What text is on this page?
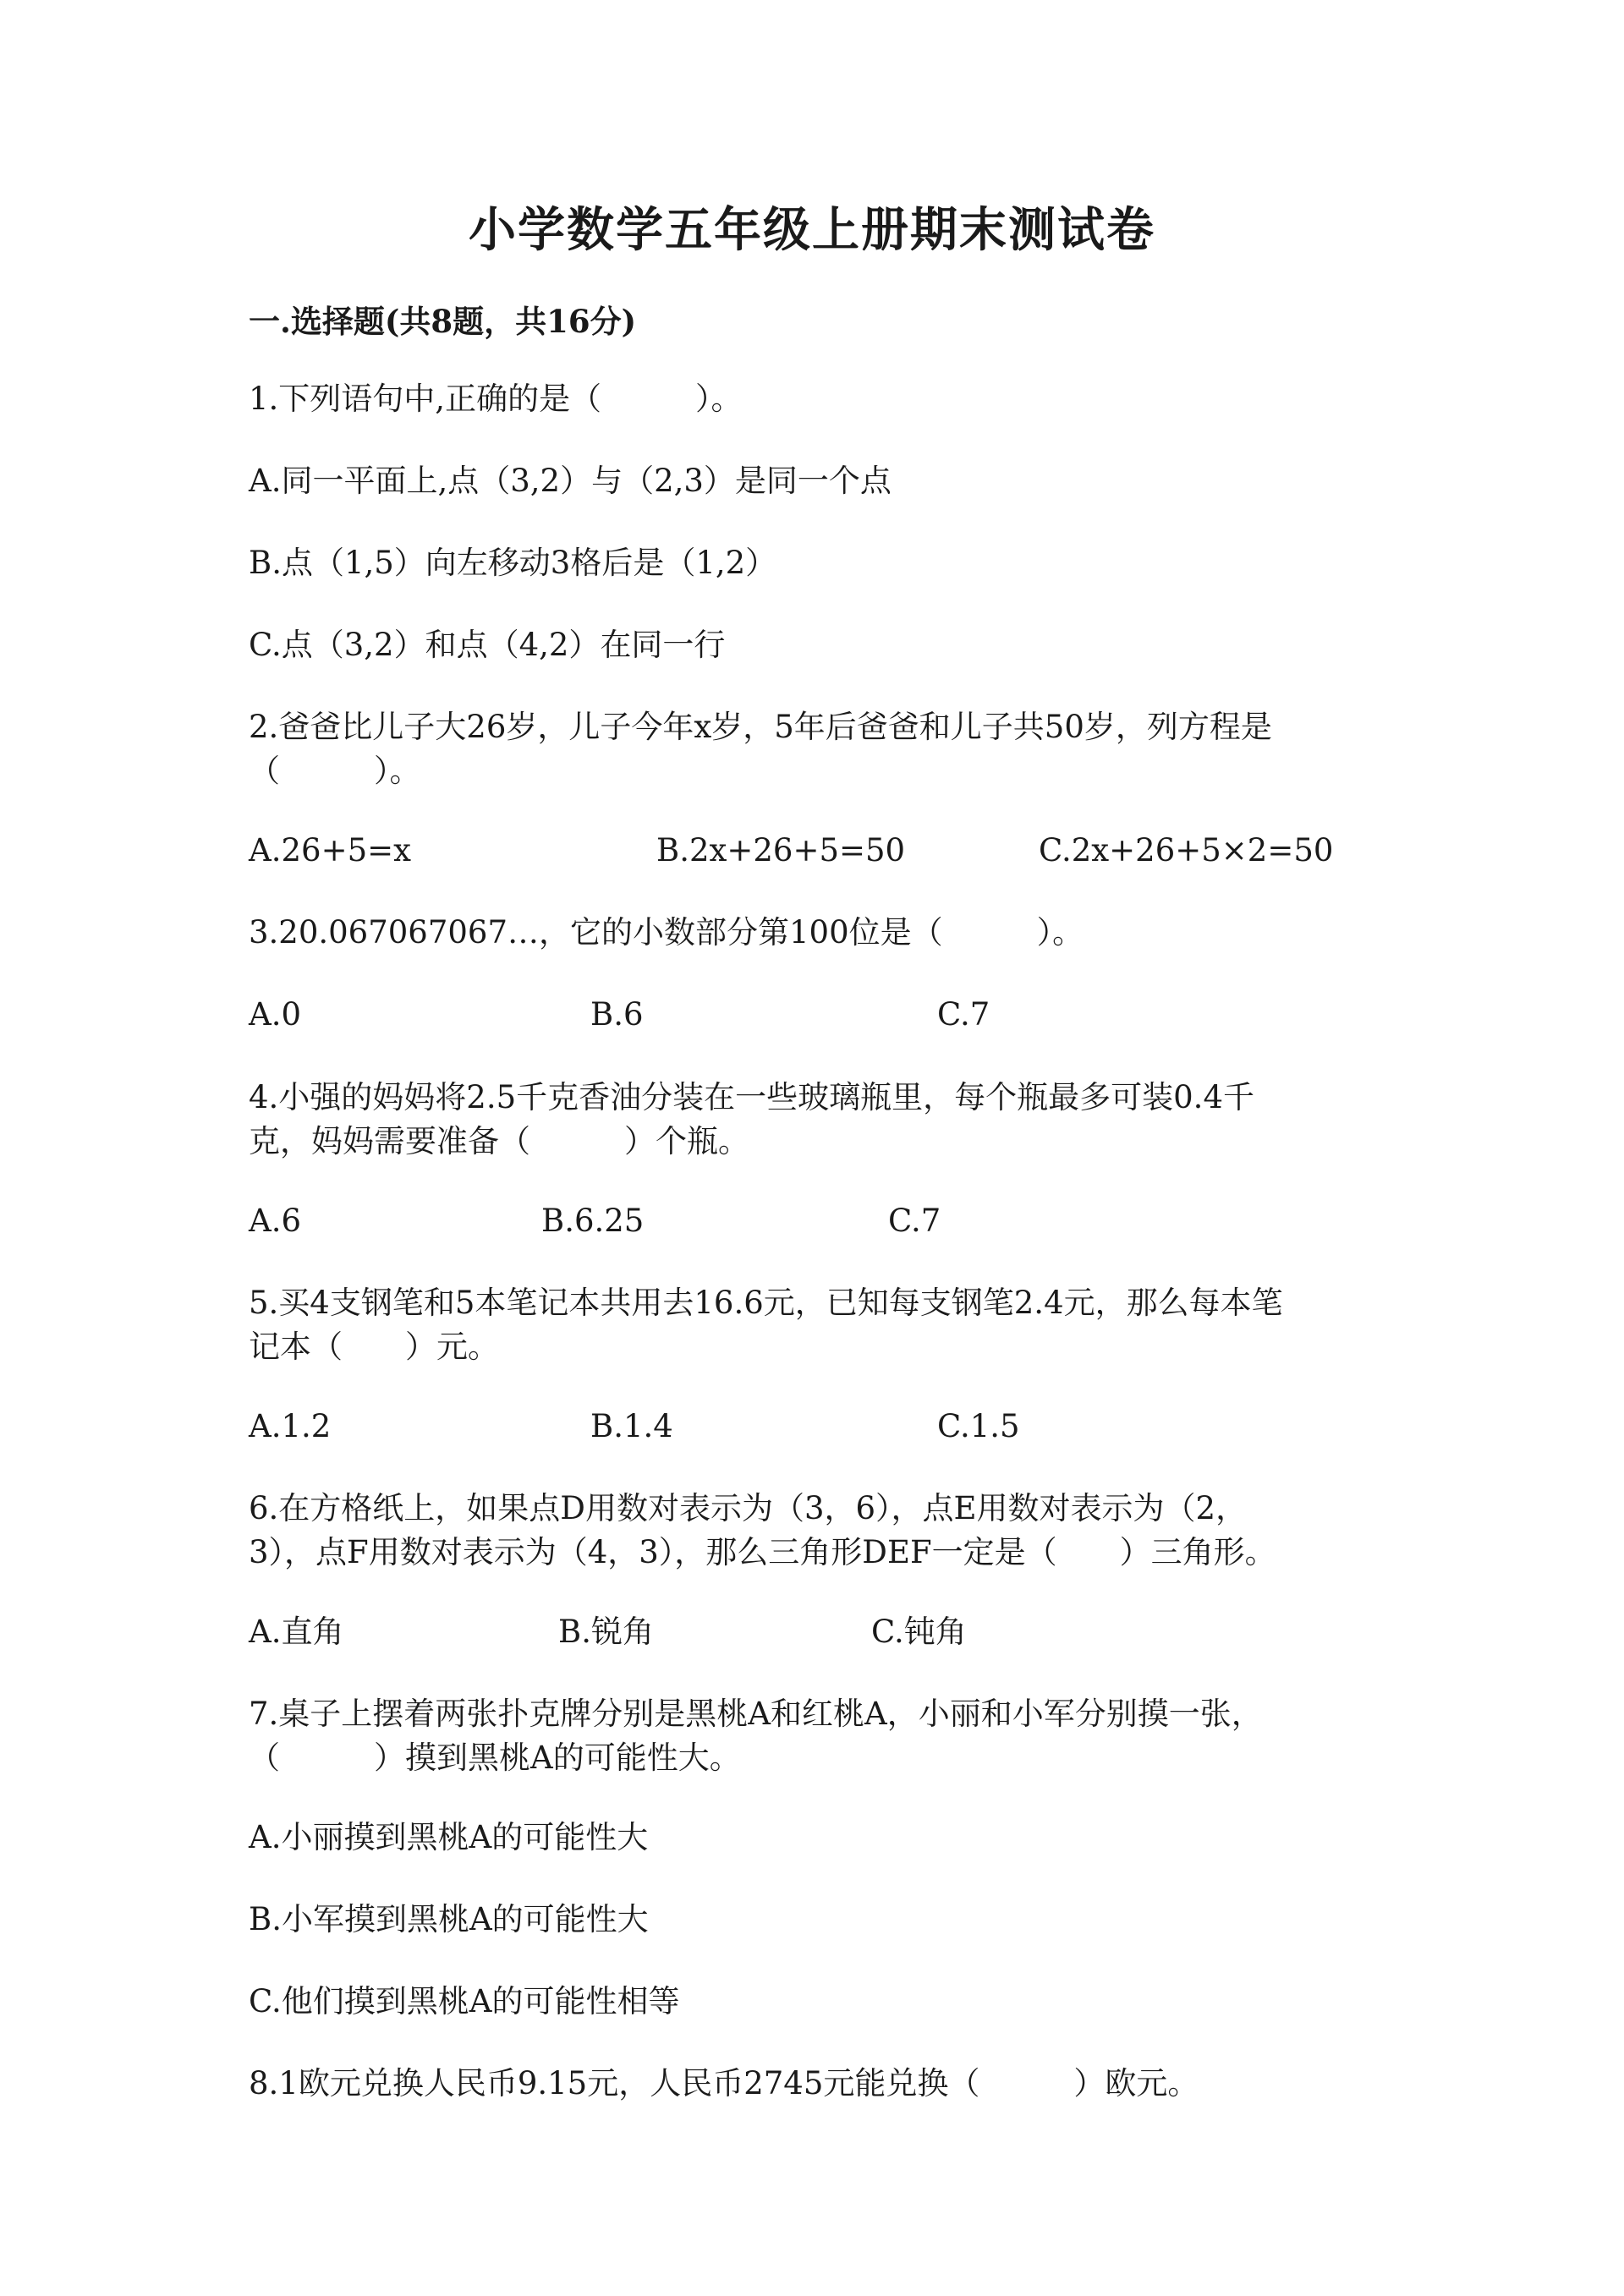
小学数学五年级上册期末测试卷
一.选择题(共8题，共16分)
1.下列语句中,正确的是（　　　）。
A.同一平面上,点（3,2）与（2,3）是同一个点
B.点（1,5）向左移动3格后是（1,2）
C.点（3,2）和点（4,2）在同一行
2.爸爸比儿子大26岁，儿子今年x岁，5年后爸爸和儿子共50岁，列方程是
（　　　）。
A.26+5=x	B.2x+26+5=50	C.2x+26+5×2=50
3.20.067067067…，它的小数部分第100位是（　　　）。
A.0	B.6	C.7
4.小强的妈妈将2.5千克香油分装在一些玻璃瓶里，每个瓶最多可装0.4千
克，妈妈需要准备（　　　）个瓶。
A.6	B.6.25	C.7
5.买4支钢笔和5本笔记本共用去16.6元，已知每支钢笔2.4元，那么每本笔
记本（　　）元。
A.1.2	B.1.4	C.1.5
6.在方格纸上，如果点D用数对表示为（3，6），点E用数对表示为（2，
3），点F用数对表示为（4，3），那么三角形DEF一定是（　　）三角形。
A.直角	B.锐角	C.钝角
7.桌子上摆着两张扑克牌分别是黑桃A和红桃A，小丽和小军分别摸一张，
（　　　）摸到黑桃A的可能性大。
A.小丽摸到黑桃A的可能性大
B.小军摸到黑桃A的可能性大
C.他们摸到黑桃A的可能性相等
8.1欧元兑换人民币9.15元，人民币2745元能兑换（　　　）欧元。
